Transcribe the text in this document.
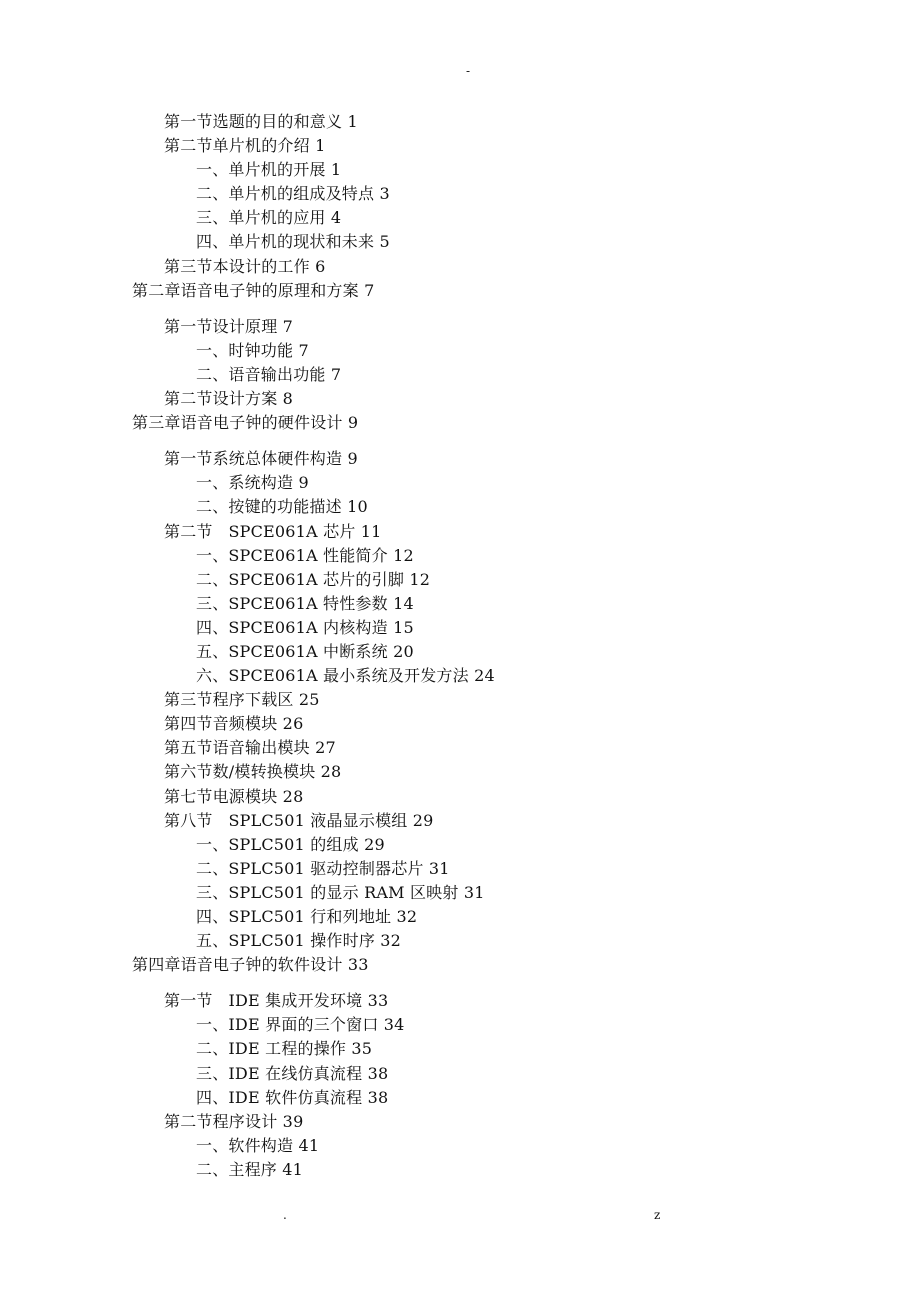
-
第一节选题的目的和意义 1
第二节单片机的介绍 1
一、单片机的开展 1
二、单片机的组成及特点 3
三、单片机的应用 4
四、单片机的现状和未来 5
第三节本设计的工作 6
第二章语音电子钟的原理和方案 7
第一节设计原理 7
一、时钟功能 7
二、语音输出功能 7
第二节设计方案 8
第三章语音电子钟的硬件设计 9
第一节系统总体硬件构造 9
一、系统构造 9
二、按键的功能描述 10
第二节   SPCE061A 芯片 11
一、SPCE061A 性能简介 12
二、SPCE061A 芯片的引脚 12
三、SPCE061A 特性参数 14
四、SPCE061A 内核构造 15
五、SPCE061A 中断系统 20
六、SPCE061A 最小系统及开发方法 24
第三节程序下载区 25
第四节音频模块 26
第五节语音输出模块 27
第六节数/模转换模块 28
第七节电源模块 28
第八节   SPLC501 液晶显示模组 29
一、SPLC501 的组成 29
二、SPLC501 驱动控制器芯片 31
三、SPLC501 的显示 RAM 区映射 31
四、SPLC501 行和列地址 32
五、SPLC501 操作时序 32
第四章语音电子钟的软件设计 33
第一节   IDE 集成开发环境 33
一、IDE 界面的三个窗口 34
二、IDE 工程的操作 35
三、IDE 在线仿真流程 38
四、IDE 软件仿真流程 38
第二节程序设计 39
一、软件构造 41
二、主程序 41
.	z
